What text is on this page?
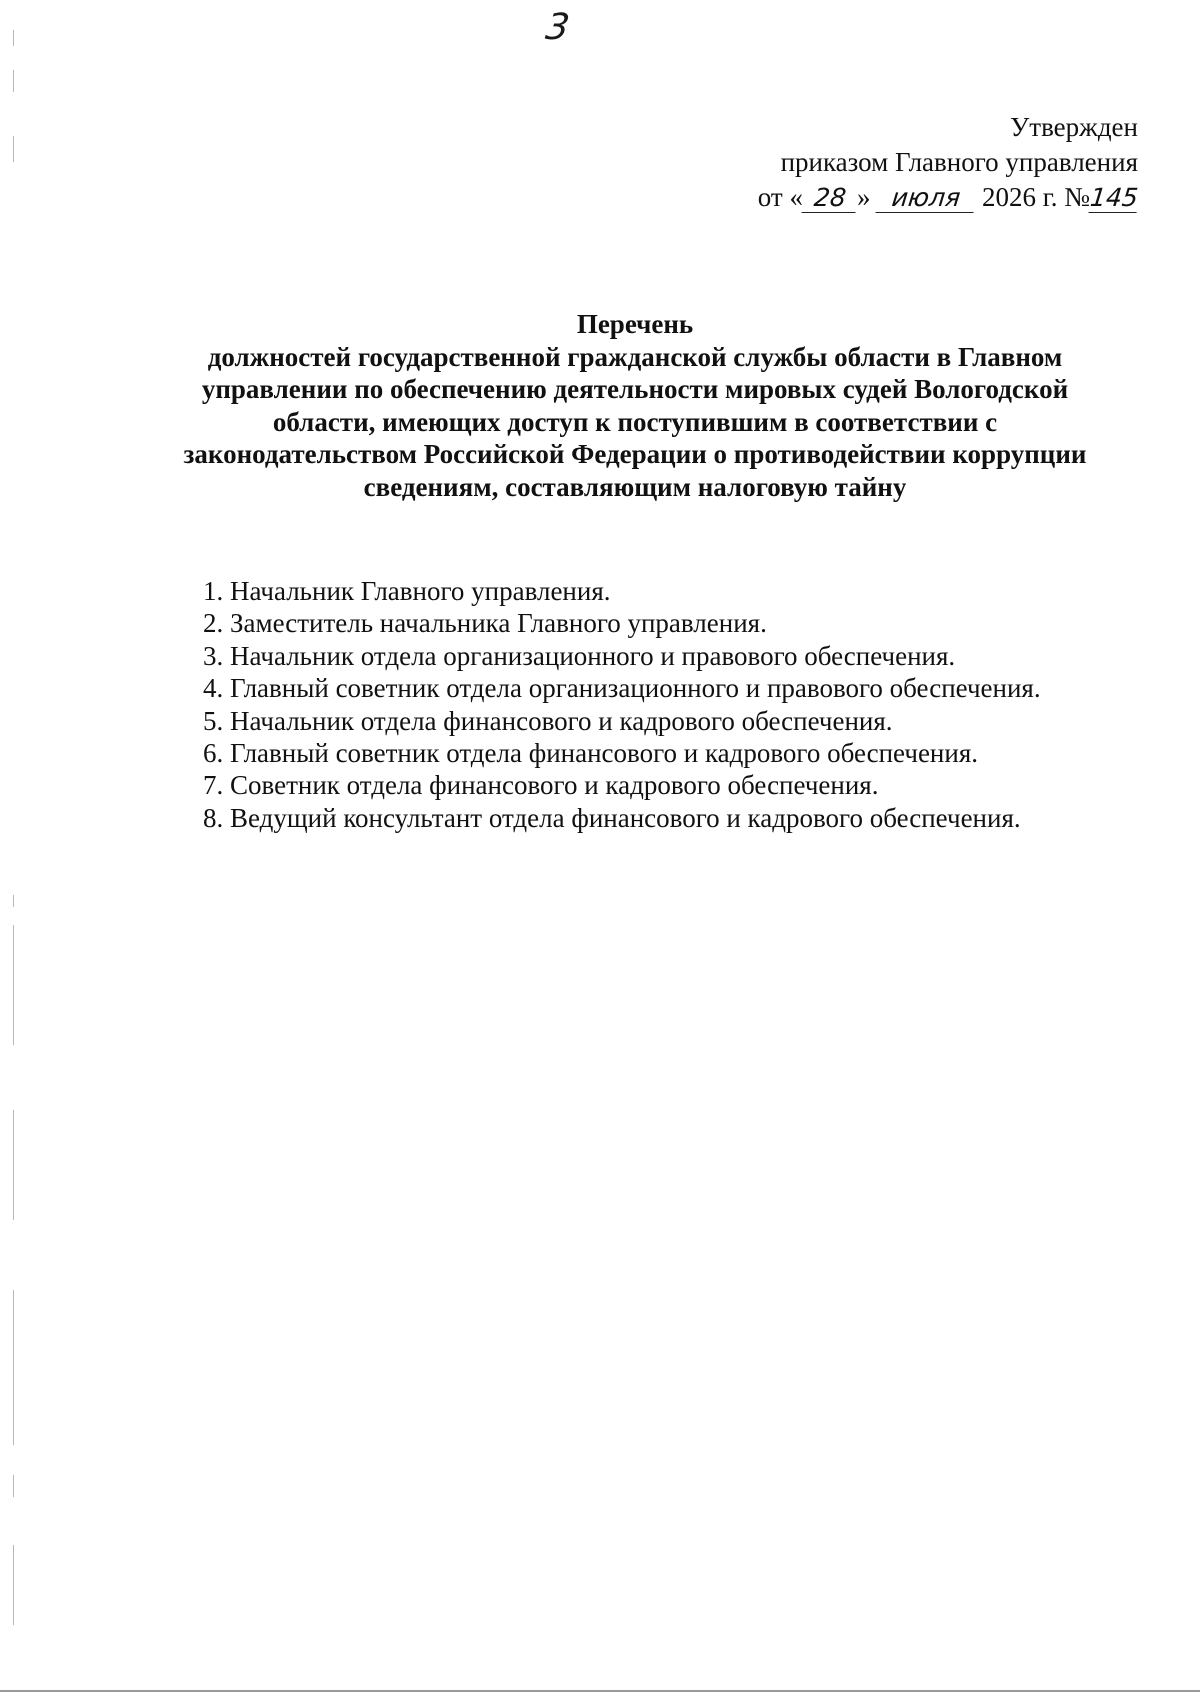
3
Утвержден
приказом Главного управления
от « 28 » июля 2026 г. №145
Перечень
должностей государственной гражданской службы области в Главном
управлении по обеспечению деятельности мировых судей Вологодской
области, имеющих доступ к поступившим в соответствии с
законодательством Российской Федерации о противодействии коррупции
сведениям, составляющим налоговую тайну
1. Начальник Главного управления.
2. Заместитель начальника Главного управления.
3. Начальник отдела организационного и правового обеспечения.
4. Главный советник отдела организационного и правового обеспечения.
5. Начальник отдела финансового и кадрового обеспечения.
6. Главный советник отдела финансового и кадрового обеспечения.
7. Советник отдела финансового и кадрового обеспечения.
8. Ведущий консультант отдела финансового и кадрового обеспечения.
